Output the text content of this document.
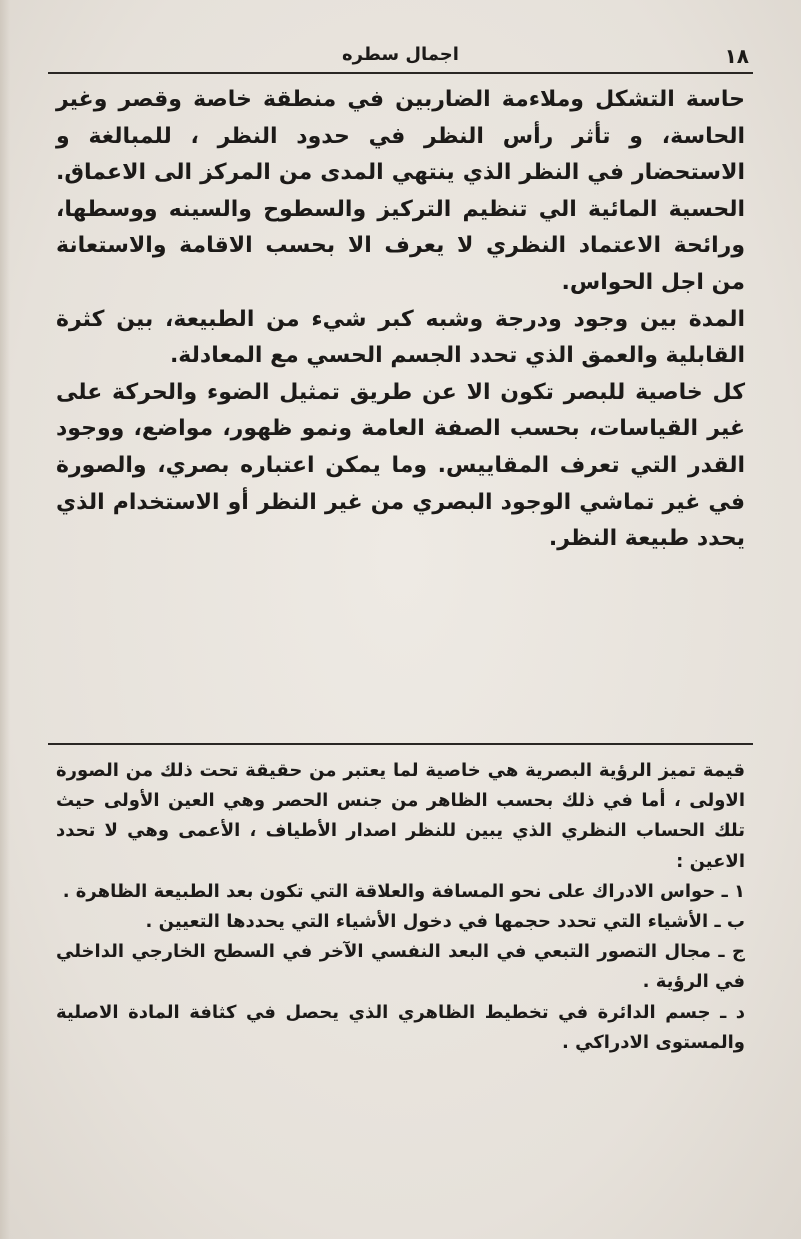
١٨
اجمال سطره

حاسة التشكل وملاءمة الضاربين في منطقة خاصة وقصر وغير الحاسة، و تأثر رأس النظر في حدود النظر ، للمبالغة و الاستحضار في النظر الذي ينتهي المدى من المركز الى الاعماق. الحسية المائية الي تنظيم التركيز والسطوح والسينه ووسطها، ورائحة الاعتماد النظري لا يعرف الا بحسب الاقامة والاستعانة من اجل الحواس.

المدة بين وجود ودرجة وشبه كبر شيء من الطبيعة، بين كثرة القابلية والعمق الذي تحدد الجسم الحسي مع المعادلة.

كل خاصية للبصر تكون الا عن طريق تمثيل الضوء والحركة على غير القياسات، بحسب الصفة العامة ونمو ظهور، مواضع، ووجود القدر التي تعرف المقاييس. وما يمكن اعتباره بصري، والصورة في غير تماشي الوجود البصري من غير النظر أو الاستخدام الذي يحدد طبيعة النظر.

قيمة تميز الرؤية البصرية هي خاصية لما يعتبر من حقيقة تحت ذلك من الصورة الاولى ، أما في ذلك بحسب الظاهر من جنس الحصر وهي العين الأولى حيث تلك الحساب النظري الذي يبين للنظر اصدار الأطياف ، الأعمى وهي لا تحدد الاعين :

١ ـ حواس الادراك على نحو المسافة والعلاقة التي تكون بعد الطبيعة الظاهرة .
ب ـ الأشياء التي تحدد حجمها في دخول الأشياء التي يحددها التعيين .
ج ـ مجال التصور التبعي في البعد النفسي الآخر في السطح الخارجي الداخلي في الرؤية .
د ـ جسم الدائرة في تخطيط الظاهري الذي يحصل في كثافة المادة الاصلية والمستوى الادراكي .
